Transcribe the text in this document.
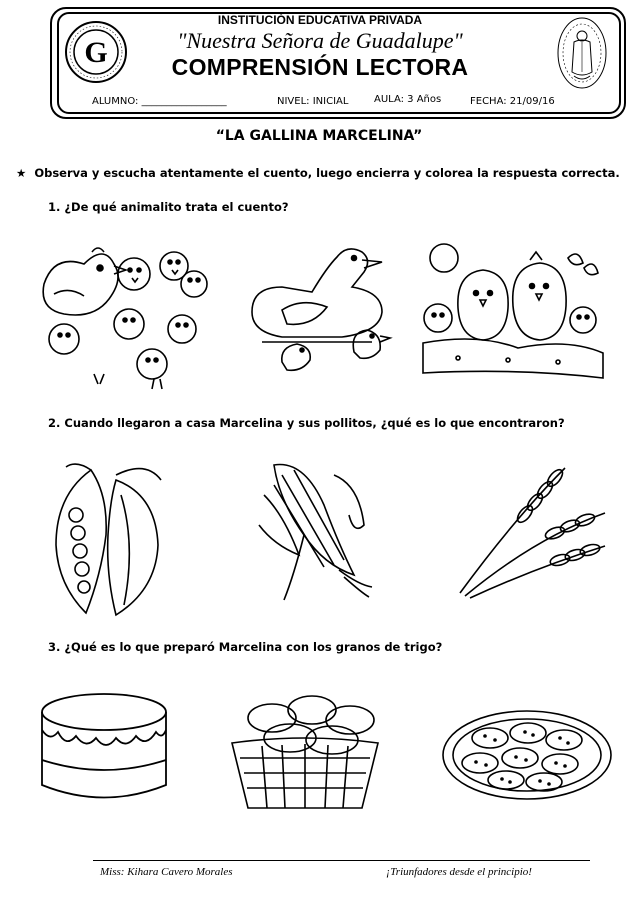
G
INSTITUCIÓN EDUCATIVA PRIVADA
"Nuestra Señora de Guadalupe"
COMPRENSIÓN LECTORA
ALUMNO: _________________	NIVEL: INICIAL	AULA: 3 Años	FECHA: 21/09/16
“LA GALLINA MARCELINA”
★ Observa y escucha atentamente el cuento, luego encierra y colorea la respuesta correcta.
1. ¿De qué animalito trata el cuento?
2. Cuando llegaron a casa Marcelina y sus pollitos, ¿qué es lo que encontraron?
3. ¿Qué es lo que preparó Marcelina con los granos de trigo?
Miss: Kihara Cavero Morales	¡Triunfadores desde el principio!
